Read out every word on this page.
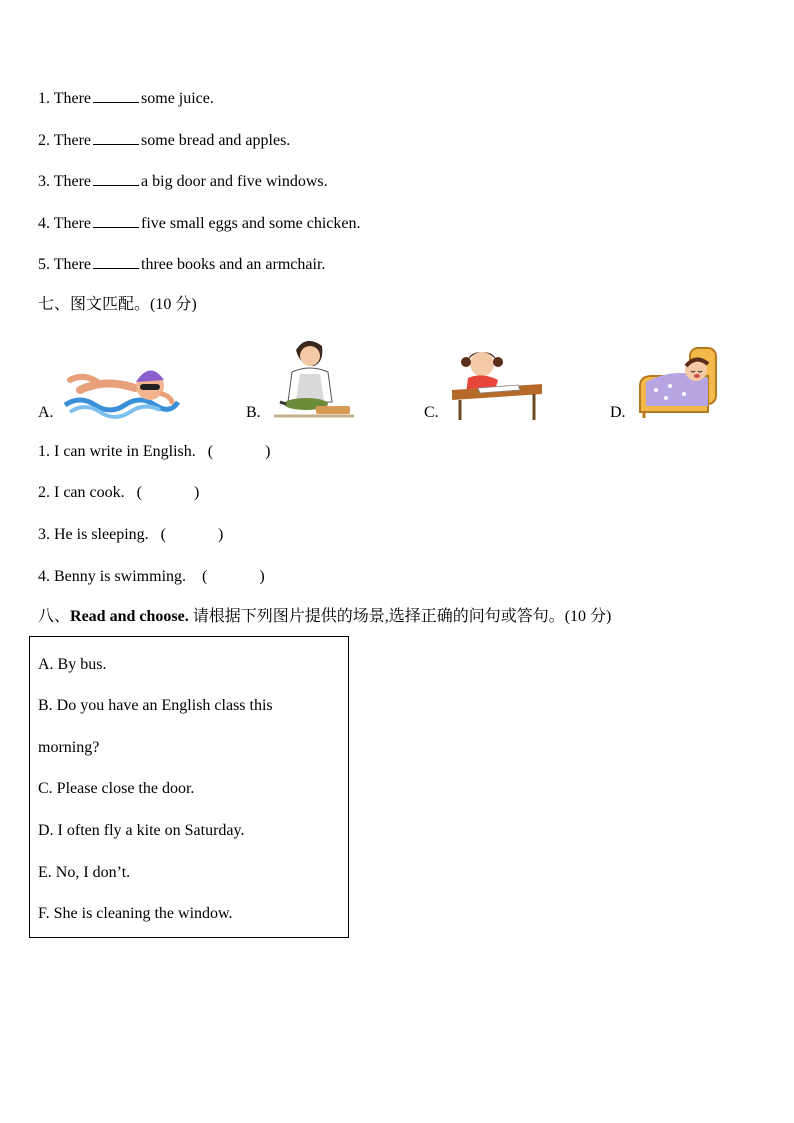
1. There	some juice.
2. There	some bread and apples.
3. There	a big door and five windows.
4. There	five small eggs and some chicken.
5. There	three books and an armchair.
七、图文匹配。(10 分)
A.	B.	C.	D.
1. I can write in English. (	)
2. I can cook. (	)
3. He is sleeping. (	)
4. Benny is swimming. (	)
八、Read and choose. 请根据下列图片提供的场景,选择正确的问句或答句。(10 分)
A. By bus.
B. Do you have an English class this
morning?
C. Please close the door.
D. I often fly a kite on Saturday.
E. No, I don’t.
F. She is cleaning the window.
